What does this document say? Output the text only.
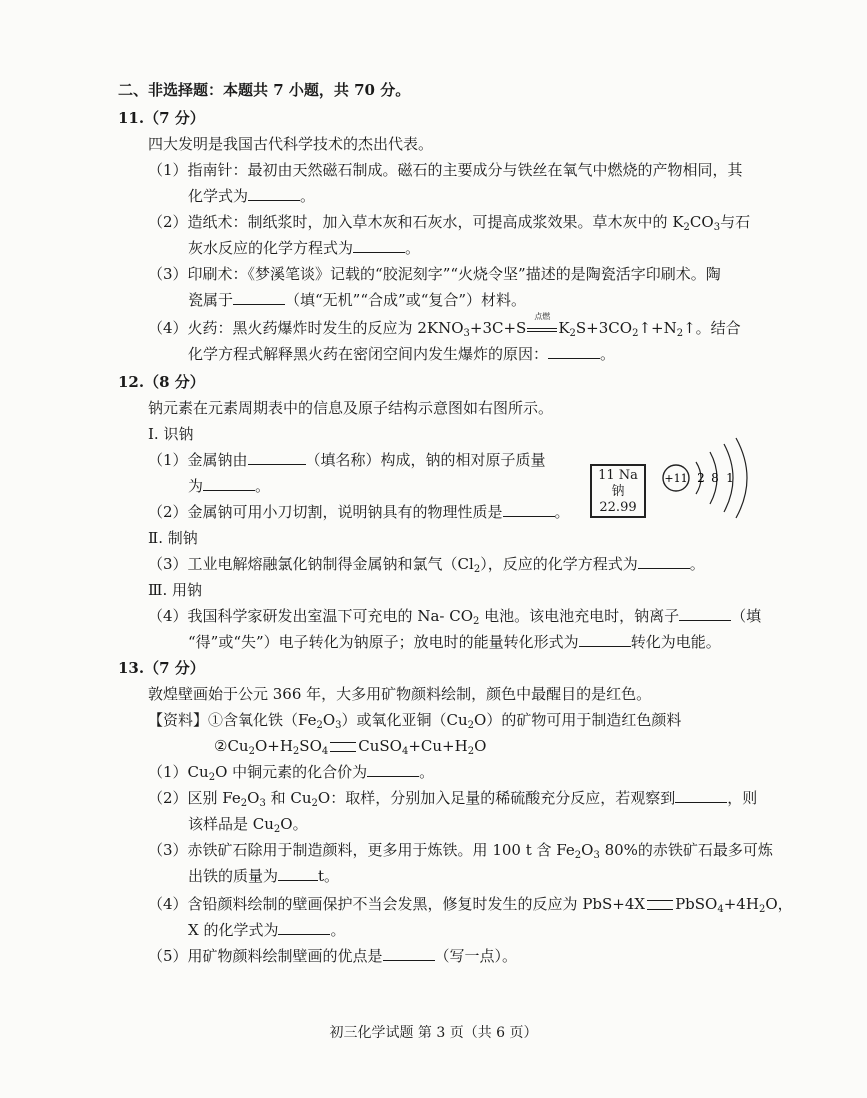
二、非选择题：本题共 7 小题，共 70 分。
11.（7 分）
四大发明是我国古代科学技术的杰出代表。
（1）指南针：最初由天然磁石制成。磁石的主要成分与铁丝在氧气中燃烧的产物相同，其
化学式为	。
（2）造纸术：制纸浆时，加入草木灰和石灰水，可提高成浆效果。草木灰中的 $K_2CO_3$与石
灰水反应的化学方程式为	。
（3）印刷术：《梦溪笔谈》记载的“胶泥刻字”“火烧令坚”描述的是陶瓷活字印刷术。陶
瓷属于	（填“无机”“合成”或“复合”）材料。
（4）火药：黑火药爆炸时发生的反应为 $2KNO_3+3C+S$
点燃
$K_2S+3CO_2↑+N_2↑$。结合
化学方程式解释黑火药在密闭空间内发生爆炸的原因：	。
12.（8 分）
钠元素在元素周期表中的信息及原子结构示意图如右图所示。
Ⅰ. 识钠
（1）金属钠由	（填名称）构成，钠的相对原子质量
为	。
（2）金属钠可用小刀切割，说明钠具有的物理性质是	。
11 Na
钠
22.99
+11 2 8 1
Ⅱ. 制钠
（3）工业电解熔融氯化钠制得金属钠和氯气$(Cl_2)$，反应的化学方程式为	。
Ⅲ. 用钠
（4）我国科学家研发出室温下可充电的 Na- $CO_2$ 电池。该电池充电时，钠离子	（填
“得”或“失”）电子转化为钠原子；放电时的能量转化形式为	转化为电能。
13.（7 分）
敦煌壁画始于公元 366 年，大多用矿物颜料绘制，颜色中最醒目的是红色。
【资料】①含氧化铁$(Fe_2O_3)$或氧化亚铜$(Cu_2O)$的矿物可用于制造红色颜料
$②Cu_2O+H_2SO_4$ $CuSO_4+Cu+H_2O$
$(1)Cu_2O$ 中铜元素的化合价为	。
（2）区别 $Fe_2O_3$ 和 $Cu_2O$：取样，分别加入足量的稀硫酸充分反应，若观察到	，则
该样品是 $Cu_2O$。
（3）赤铁矿石除用于制造颜料，更多用于炼铁。用 100 t 含 $Fe_2O_3$ 80%的赤铁矿石最多可炼
出铁的质量为	t。
（4）含铅颜料绘制的壁画保护不当会发黑，修复时发生的反应为 PbS+4X $PbSO_4+4H_2O$，
X 的化学式为	。
（5）用矿物颜料绘制壁画的优点是	（写一点）。
初三化学试题 第 3 页（共 6 页）
